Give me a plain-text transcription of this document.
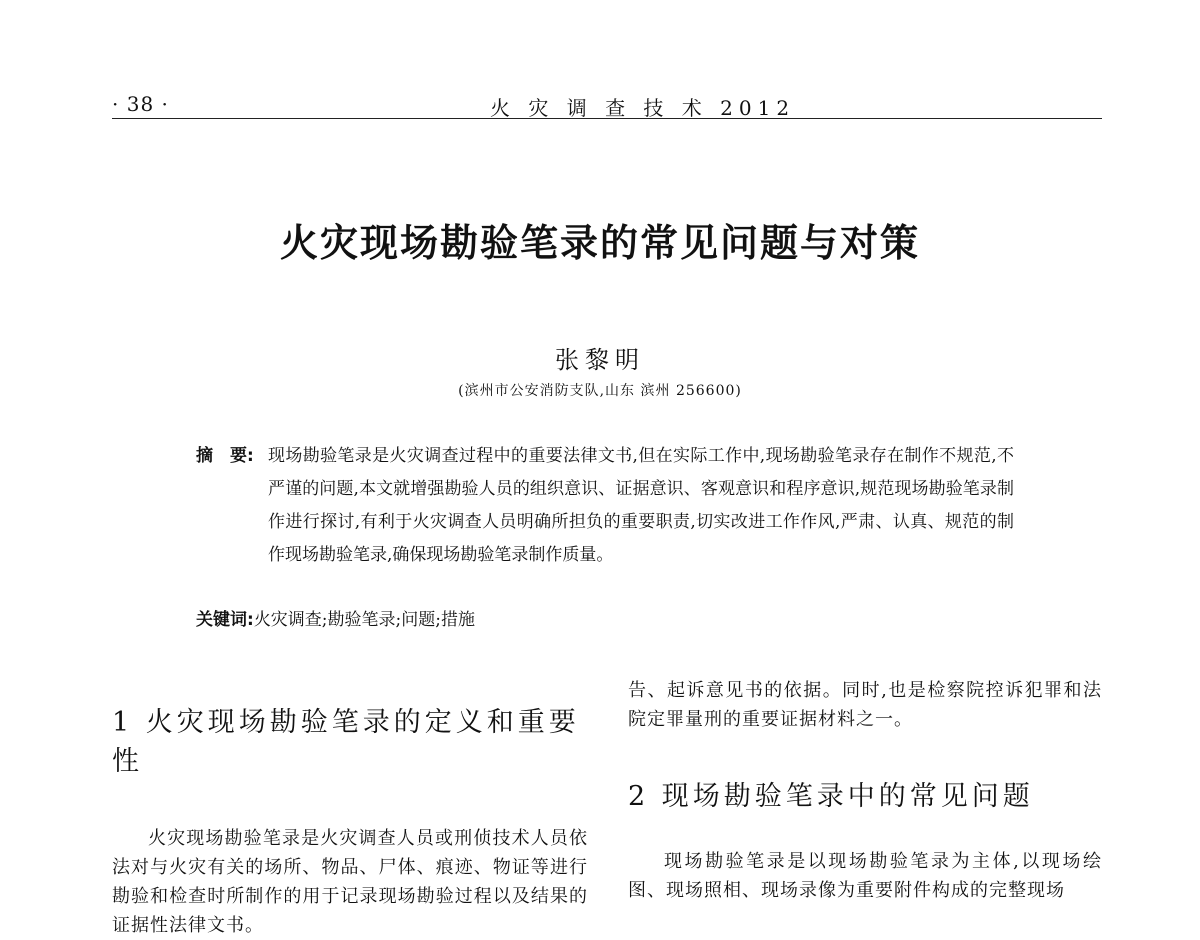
· 38 ·	火 灾 调 查 技 术 2012
火灾现场勘验笔录的常见问题与对策
张黎明
(滨州市公安消防支队,山东 滨州 256600)
摘　要: 现场勘验笔录是火灾调查过程中的重要法律文书,但在实际工作中,现场勘验笔录存在制作不规范,不严谨的问题,本文就增强勘验人员的组织意识、证据意识、客观意识和程序意识,规范现场勘验笔录制作进行探讨,有利于火灾调查人员明确所担负的重要职责,切实改进工作作风,严肃、认真、规范的制作现场勘验笔录,确保现场勘验笔录制作质量。
关键词:火灾调查;勘验笔录;问题;措施
1 火灾现场勘验笔录的定义和重要性

火灾现场勘验笔录是火灾调查人员或刑侦技术人员依法对与火灾有关的场所、物品、尸体、痕迹、物证等进行勘验和检查时所制作的用于记录现场勘验过程以及结果的证据性法律文书。

告、起诉意见书的依据。同时,也是检察院控诉犯罪和法院定罪量刑的重要证据材料之一。

2 现场勘验笔录中的常见问题

现场勘验笔录是以现场勘验笔录为主体,以现场绘图、现场照相、现场录像为重要附件构成的完整现场
